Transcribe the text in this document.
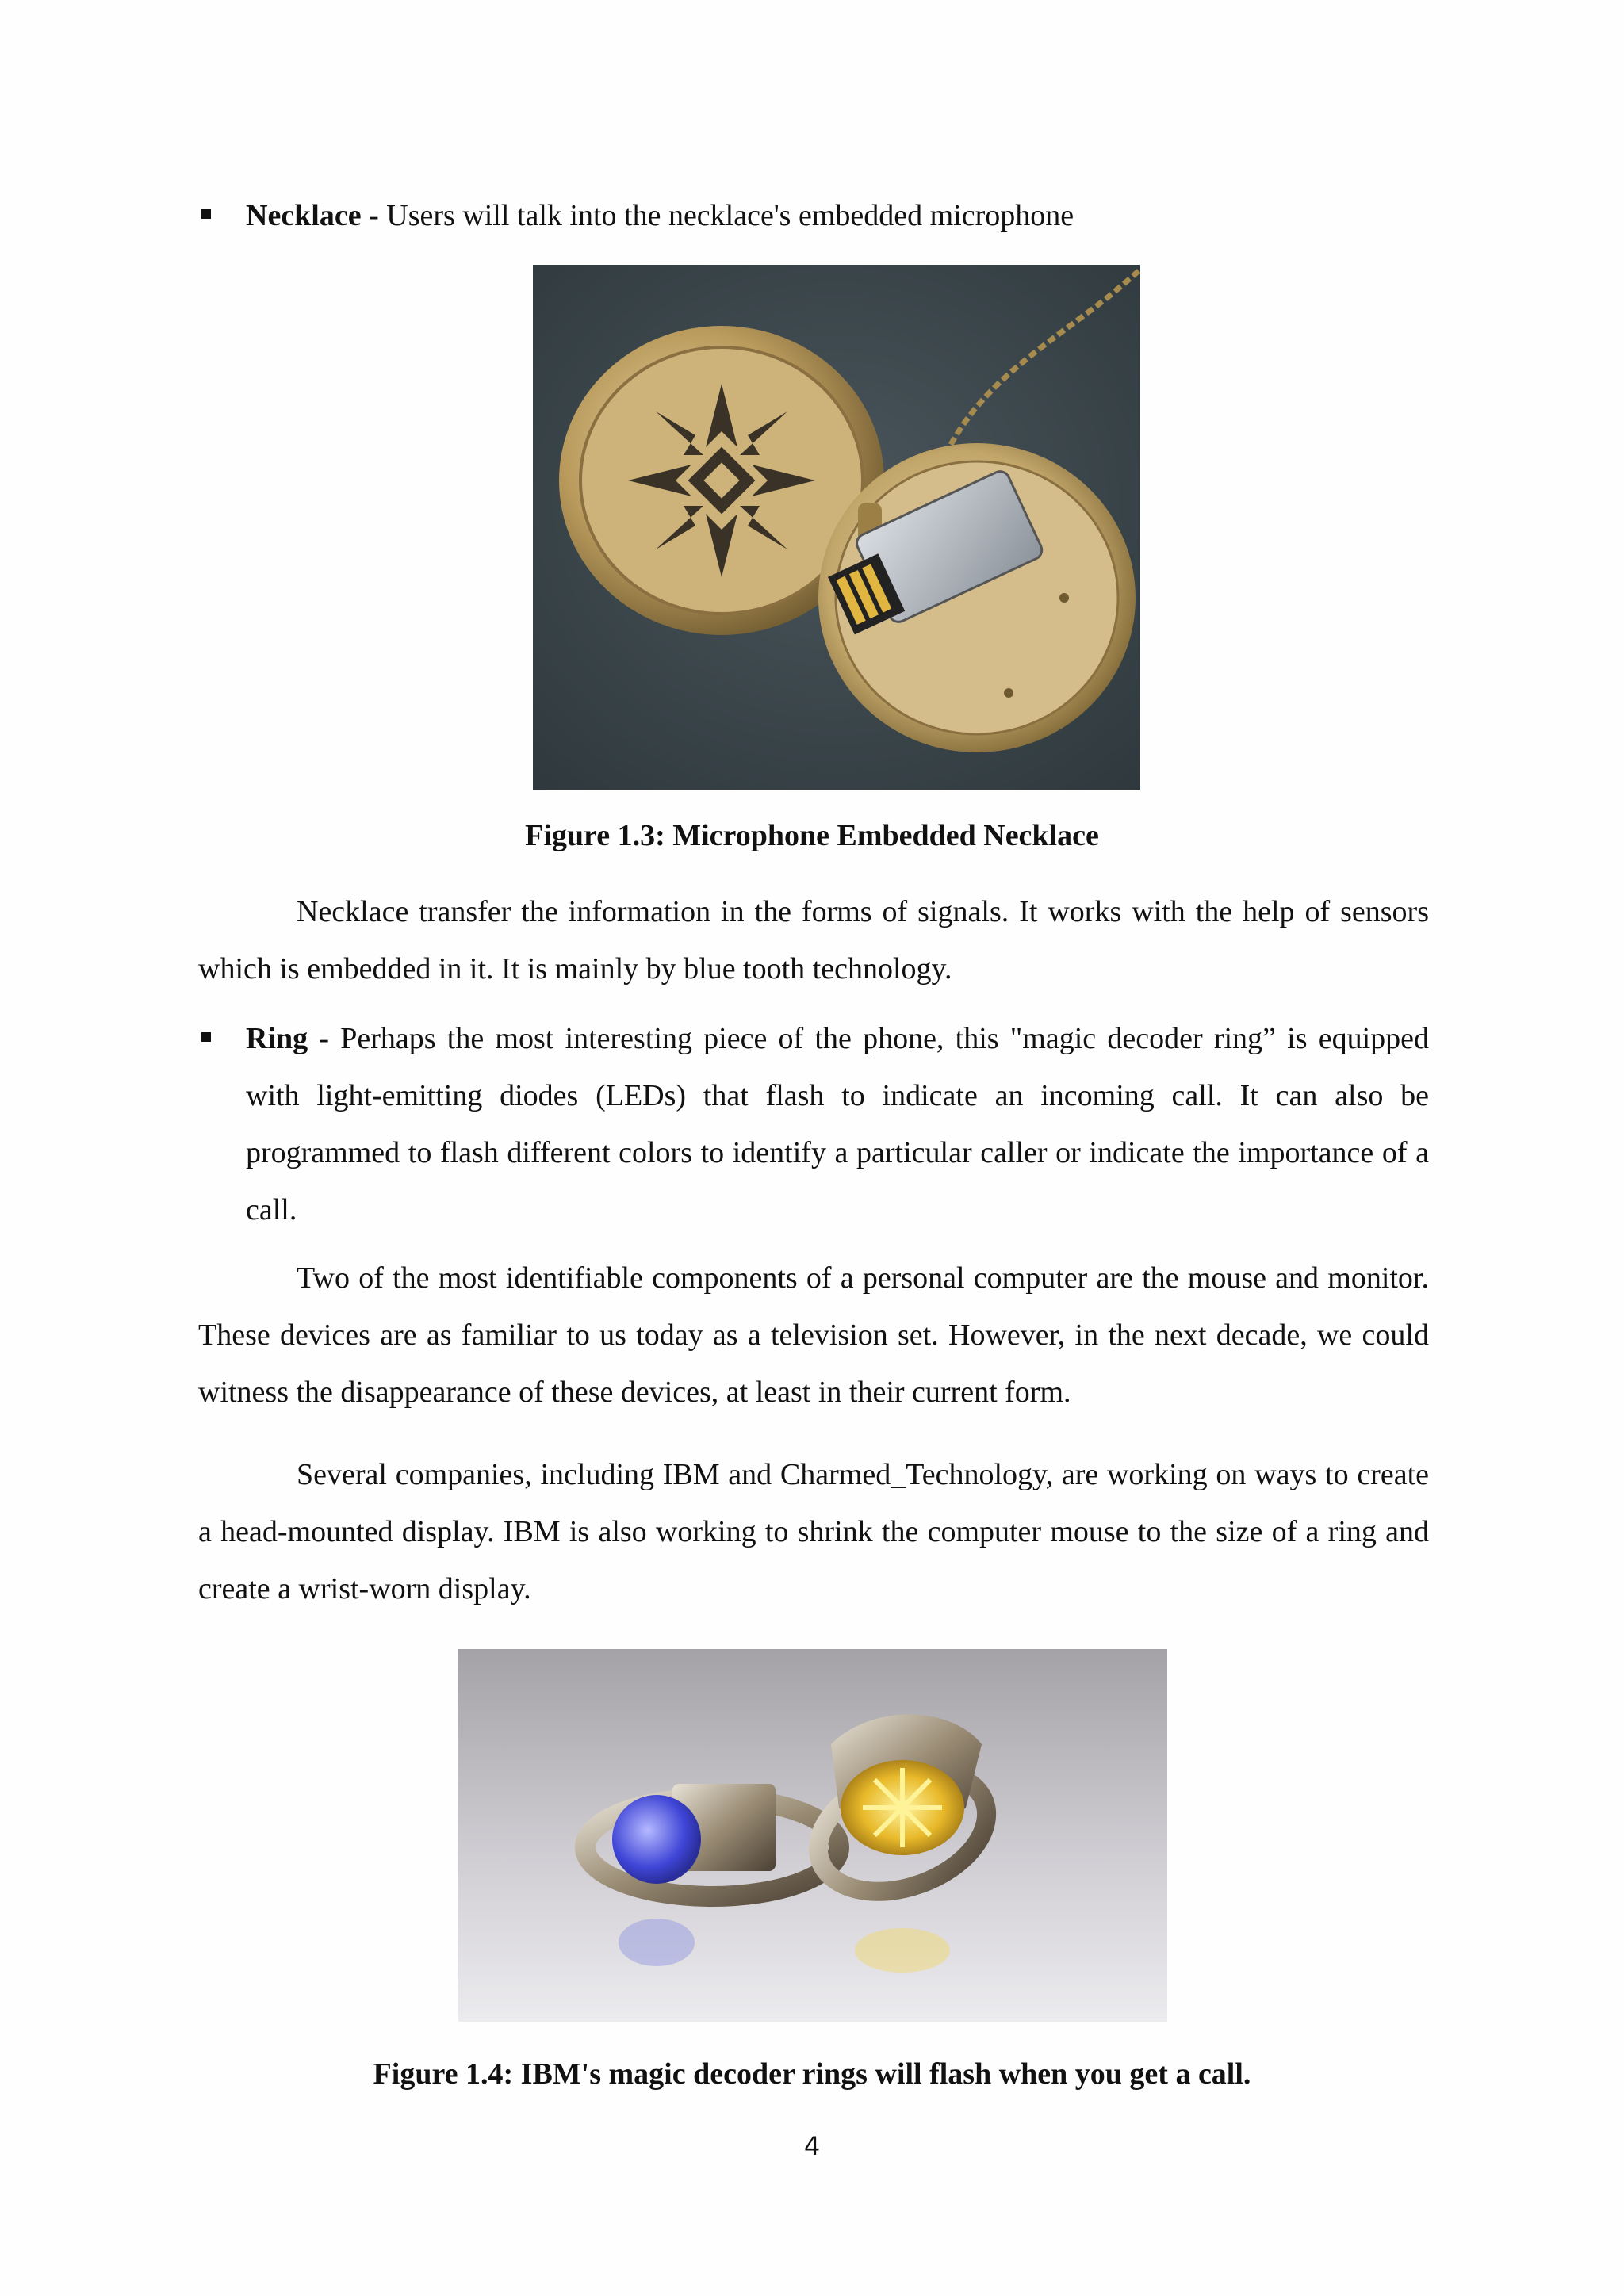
Necklace - Users will talk into the necklace's embedded microphone
Figure 1.3: Microphone Embedded Necklace
Necklace transfer the information in the forms of signals. It works with the help of sensors which is embedded in it. It is mainly by blue tooth technology.
Ring - Perhaps the most interesting piece of the phone, this "magic decoder ring” is equipped with light-emitting diodes (LEDs) that flash to indicate an incoming call. It can also be programmed to flash different colors to identify a particular caller or indicate the importance of a call.
Two of the most identifiable components of a personal computer are the mouse and monitor. These devices are as familiar to us today as a television set. However, in the next decade, we could witness the disappearance of these devices, at least in their current form.
Several companies, including IBM and Charmed_Technology, are working on ways to create a head-mounted display. IBM is also working to shrink the computer mouse to the size of a ring and create a wrist-worn display.
Figure 1.4: IBM's magic decoder rings will flash when you get a call.
4
